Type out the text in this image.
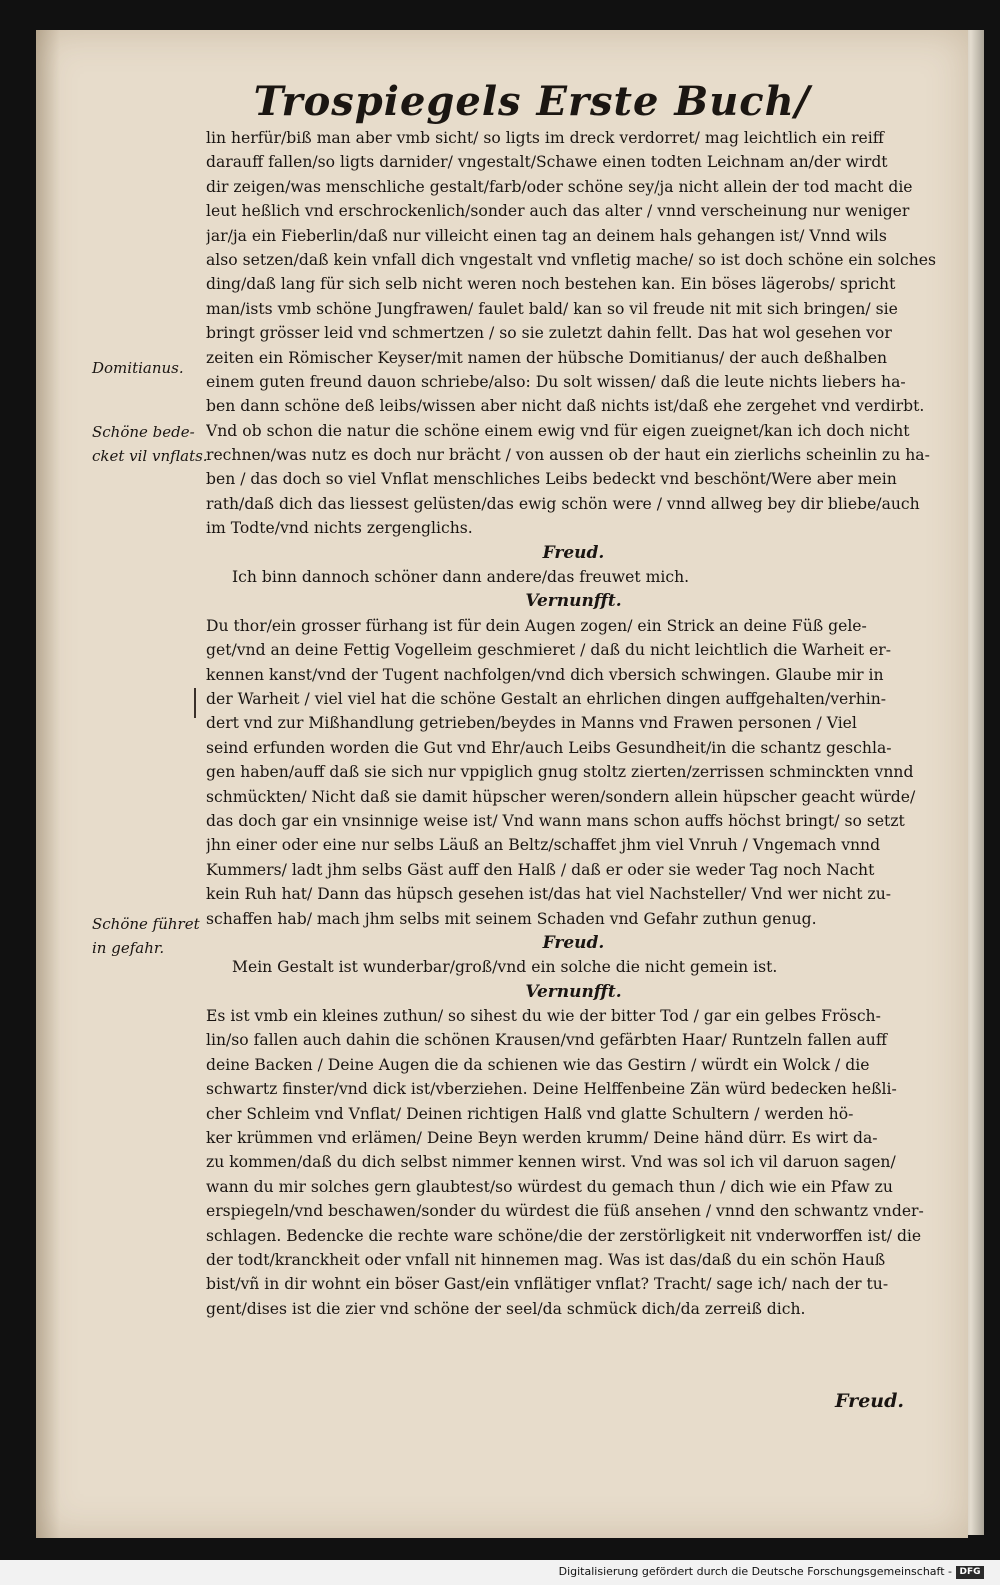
Trospiegels Erste Buch/
lin herfür/biß man aber vmb sicht/ so ligts im dreck verdorret/ mag leichtlich ein reiff
darauff fallen/so ligts darnider/ vngestalt/Schawe einen todten Leichnam an/der wirdt
dir zeigen/was menschliche gestalt/farb/oder schöne sey/ja nicht allein der tod macht die
leut heßlich vnd erschrockenlich/sonder auch das alter / vnnd verscheinung nur weniger
jar/ja ein Fieberlin/daß nur villeicht einen tag an deinem hals gehangen ist/ Vnnd wils
also setzen/daß kein vnfall dich vngestalt vnd vnfletig mache/ so ist doch schöne ein solches
ding/daß lang für sich selb nicht weren noch bestehen kan. Ein böses lägerobs/ spricht
man/ists vmb schöne Jungfrawen/ faulet bald/ kan so vil freude nit mit sich bringen/ sie
bringt grösser leid vnd schmertzen / so sie zuletzt dahin fellt. Das hat wol gesehen vor
zeiten ein Römischer Keyser/mit namen der hübsche Domitianus/ der auch deßhalben
einem guten freund dauon schriebe/also: Du solt wissen/ daß die leute nichts liebers ha-
ben dann schöne deß leibs/wissen aber nicht daß nichts ist/daß ehe zergehet vnd verdirbt.
Vnd ob schon die natur die schöne einem ewig vnd für eigen zueignet/kan ich doch nicht
rechnen/was nutz es doch nur brächt / von aussen ob der haut ein zierlichs scheinlin zu ha-
ben / das doch so viel Vnflat menschliches Leibs bedeckt vnd beschönt/Were aber mein
rath/daß dich das liessest gelüsten/das ewig schön were / vnnd allweg bey dir bliebe/auch
im Todte/vnd nichts zergenglichs.
Freud.
Ich binn dannoch schöner dann andere/das freuwet mich.
Vernunfft.
Du thor/ein grosser fürhang ist für dein Augen zogen/ ein Strick an deine Füß gele-
get/vnd an deine Fettig Vogelleim geschmieret / daß du nicht leichtlich die Warheit er-
kennen kanst/vnd der Tugent nachfolgen/vnd dich vbersich schwingen. Glaube mir in
der Warheit / viel viel hat die schöne Gestalt an ehrlichen dingen auffgehalten/verhin-
dert vnd zur Mißhandlung getrieben/beydes in Manns vnd Frawen personen / Viel
seind erfunden worden die Gut vnd Ehr/auch Leibs Gesundheit/in die schantz geschla-
gen haben/auff daß sie sich nur vppiglich gnug stoltz zierten/zerrissen schminckten vnnd
schmückten/ Nicht daß sie damit hüpscher weren/sondern allein hüpscher geacht würde/
das doch gar ein vnsinnige weise ist/ Vnd wann mans schon auffs höchst bringt/ so setzt
jhn einer oder eine nur selbs Läuß an Beltz/schaffet jhm viel Vnruh / Vngemach vnnd
Kummers/ ladt jhm selbs Gäst auff den Halß / daß er oder sie weder Tag noch Nacht
kein Ruh hat/ Dann das hüpsch gesehen ist/das hat viel Nachsteller/ Vnd wer nicht zu-
schaffen hab/ mach jhm selbs mit seinem Schaden vnd Gefahr zuthun genug.
Freud.
Mein Gestalt ist wunderbar/groß/vnd ein solche die nicht gemein ist.
Vernunfft.
Es ist vmb ein kleines zuthun/ so sihest du wie der bitter Tod / gar ein gelbes Frösch-
lin/so fallen auch dahin die schönen Krausen/vnd gefärbten Haar/ Runtzeln fallen auff
deine Backen / Deine Augen die da schienen wie das Gestirn / würdt ein Wolck / die
schwartz finster/vnd dick ist/vberziehen. Deine Helffenbeine Zän würd bedecken heßli-
cher Schleim vnd Vnflat/ Deinen richtigen Halß vnd glatte Schultern / werden hö-
ker krümmen vnd erlämen/ Deine Beyn werden krumm/ Deine händ dürr. Es wirt da-
zu kommen/daß du dich selbst nimmer kennen wirst. Vnd was sol ich vil daruon sagen/
wann du mir solches gern glaubtest/so würdest du gemach thun / dich wie ein Pfaw zu
erspiegeln/vnd beschawen/sonder du würdest die füß ansehen / vnnd den schwantz vnder-
schlagen. Bedencke die rechte ware schöne/die der zerstörligkeit nit vnderworffen ist/ die
der todt/kranckheit oder vnfall nit hinnemen mag. Was ist das/daß du ein schön Hauß
bist/vñ in dir wohnt ein böser Gast/ein vnflätiger vnflat? Tracht/ sage ich/ nach der tu-
gent/dises ist die zier vnd schöne der seel/da schmück dich/da zerreiß dich.
Domitianus.
Schöne bede-
cket vil vnflats.
Schöne führet
in gefahr.
Freud.
Digitalisierung gefördert durch die Deutsche Forschungsgemeinschaft - DFG
